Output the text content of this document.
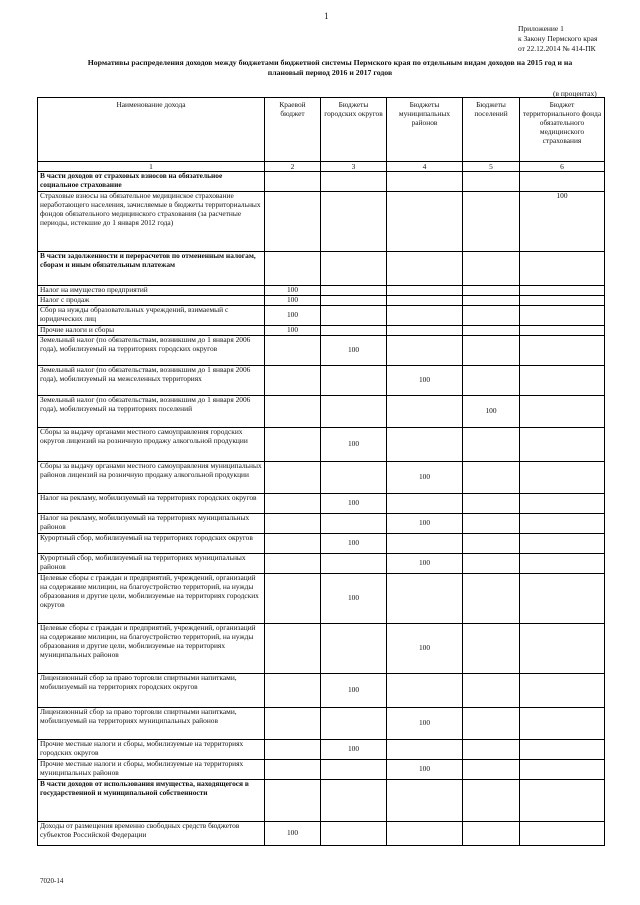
1
Приложение 1
к Закону Пермского края
от 22.12.2014 № 414-ПК
Нормативы распределения доходов между бюджетами бюджетной системы Пермского края по отдельным видам доходов на 2015 год и на плановый период 2016 и 2017 годов
(в процентах)
Наименование дохода	Краевой бюджет	Бюджеты городских округов	Бюджеты муниципальных районов	Бюджеты поселений	Бюджет территориального фонда обязательного медицинского страхования
1	2	3	4	5	6
В части доходов от страховых взносов на обязательное социальное страхование					
Страховые взносы на обязательное медицинское страхование неработающего населения, зачисляемые в бюджеты территориальных фондов обязательного медицинского страхования (за расчетные периоды, истекшие до 1 января 2012 года)					100
В части задолженности и перерасчетов по отмененным налогам, сборам и иным обязательным платежам					
Налог на имущество предприятий	100				
Налог с продаж	100				
Сбор на нужды образовательных учреждений, взимаемый с юридических лиц	100				
Прочие налоги и сборы	100				
Земельный налог (по обязательствам, возникшим до 1 января 2006 года), мобилизуемый на территориях городских округов		100			
Земельный налог (по обязательствам, возникшим до 1 января 2006 года), мобилизуемый на межселенных территориях			100		
Земельный налог (по обязательствам, возникшим до 1 января 2006 года), мобилизуемый на территориях поселений				100	
Сборы за выдачу органами местного самоуправления городских округов лицензий на розничную продажу алкогольной продукции		100			
Сборы за выдачу органами местного самоуправления муниципальных районов лицензий на розничную продажу алкогольной продукции			100		
Налог на рекламу, мобилизуемый на территориях городских округов		100			
Налог на рекламу, мобилизуемый на территориях муниципальных районов			100		
Курортный сбор, мобилизуемый на территориях городских округов		100			
Курортный сбор, мобилизуемый на территориях муниципальных районов			100		
Целевые сборы с граждан и предприятий, учреждений, организаций на содержание милиции, на благоустройство территорий, на нужды образования и другие цели, мобилизуемые на территориях городских округов		100			
Целевые сборы с граждан и предприятий, учреждений, организаций на содержание милиции, на благоустройство территорий, на нужды образования и другие цели, мобилизуемые на территориях муниципальных районов			100		
Лицензионный сбор за право торговли спиртными напитками, мобилизуемый на территориях городских округов		100			
Лицензионный сбор за право торговли спиртными напитками, мобилизуемый на территориях муниципальных районов			100		
Прочие местные налоги и сборы, мобилизуемые на территориях городских округов		100			
Прочие местные налоги и сборы, мобилизуемые на территориях муниципальных районов			100		
В части доходов от использования имущества, находящегося в государственной и муниципальной собственности					
Доходы от размещения временно свободных средств бюджетов субъектов Российской Федерации	100				
7020-14
